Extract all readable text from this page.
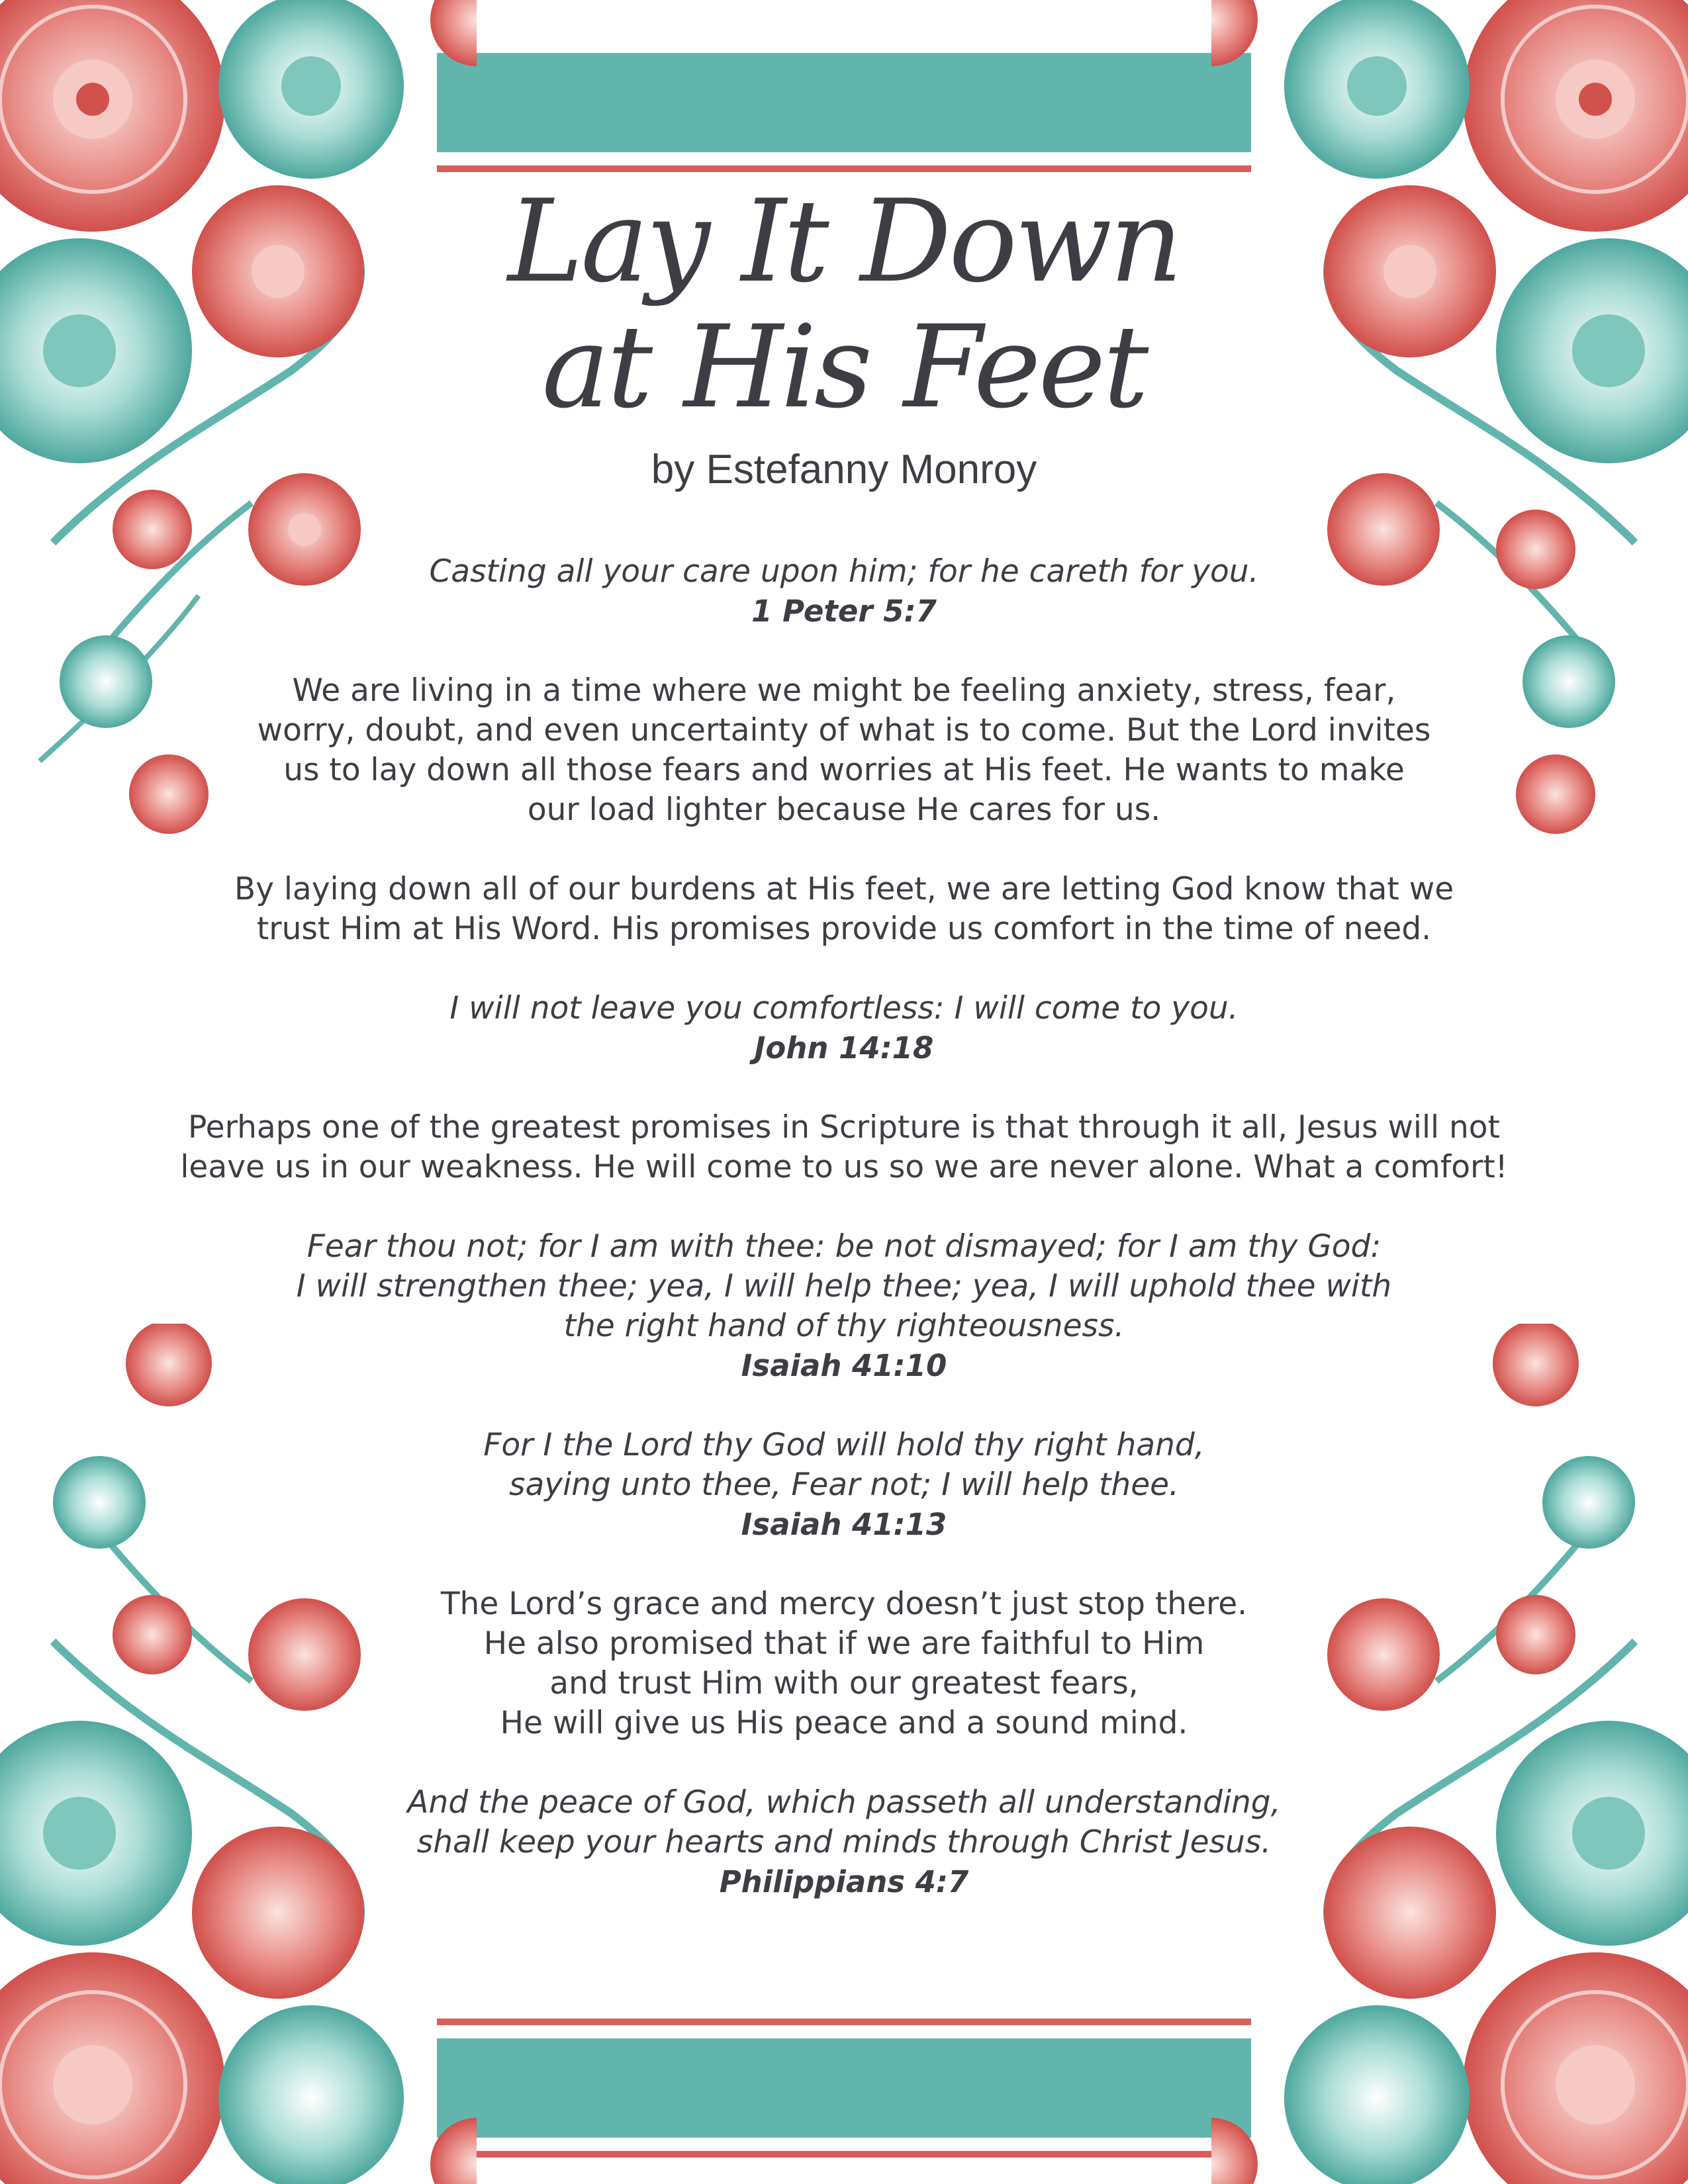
Lay It Down

at His Feet

by Estefanny Monroy
Casting all your care upon him; for he careth for you.
1 Peter 5:7
We are living in a time where we might be feeling anxiety, stress, fear,
worry, doubt, and even uncertainty of what is to come. But the Lord invites
us to lay down all those fears and worries at His feet. He wants to make
our load lighter because He cares for us.
By laying down all of our burdens at His feet, we are letting God know that we
trust Him at His Word. His promises provide us comfort in the time of need.
I will not leave you comfortless: I will come to you.
John 14:18
Perhaps one of the greatest promises in Scripture is that through it all, Jesus will not
leave us in our weakness. He will come to us so we are never alone. What a comfort!
Fear thou not; for I am with thee: be not dismayed; for I am thy God:
I will strengthen thee; yea, I will help thee; yea, I will uphold thee with
the right hand of thy righteousness.
Isaiah 41:10
For I the Lord thy God will hold thy right hand,
saying unto thee, Fear not; I will help thee.
Isaiah 41:13
The Lord’s grace and mercy doesn’t just stop there.
He also promised that if we are faithful to Him
and trust Him with our greatest fears,
He will give us His peace and a sound mind.
And the peace of God, which passeth all understanding,
shall keep your hearts and minds through Christ Jesus.
Philippians 4:7
